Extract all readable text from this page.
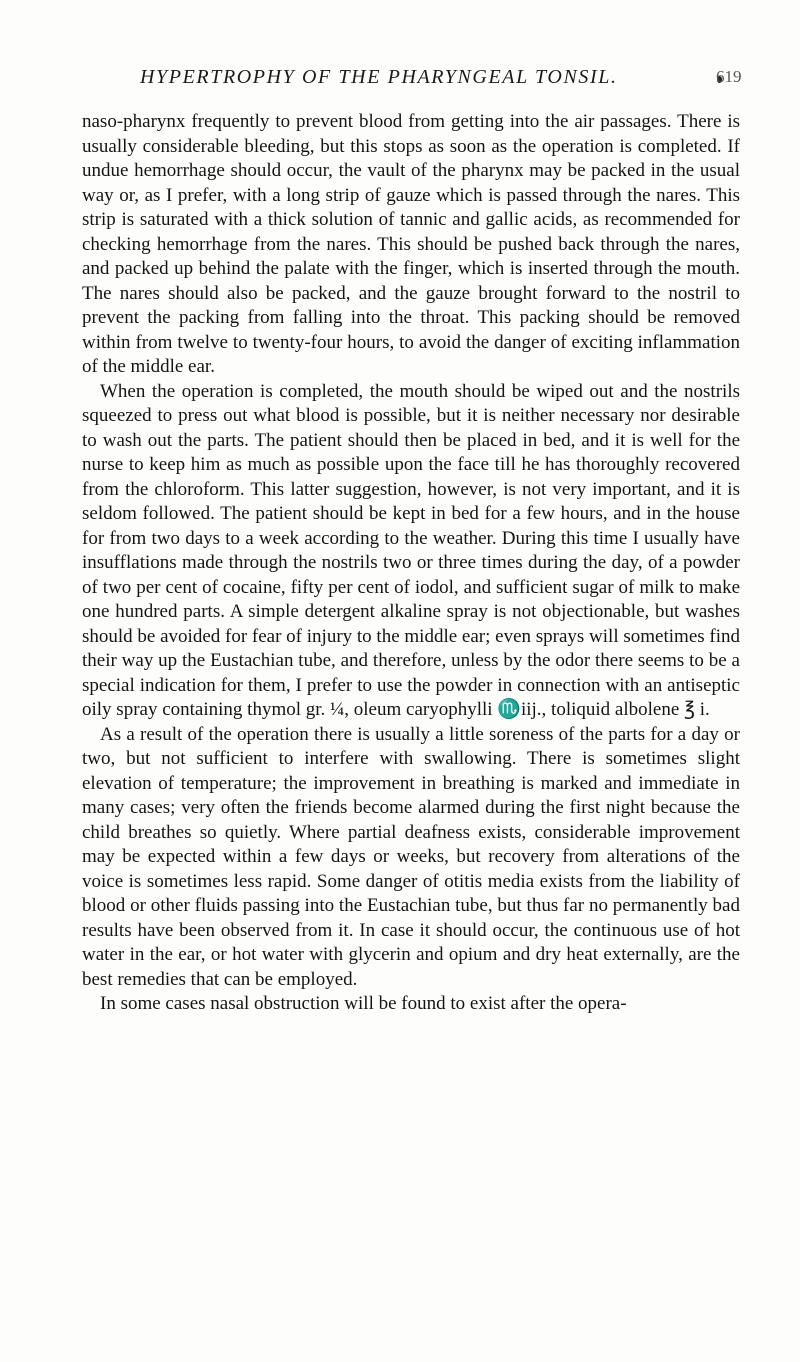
HYPERTROPHY OF THE PHARYNGEAL TONSIL.	619

naso-pharynx frequently to prevent blood from getting into the air passages. There is usually considerable bleeding, but this stops as soon as the operation is completed. If undue hemorrhage should occur, the vault of the pharynx may be packed in the usual way or, as I prefer, with a long strip of gauze which is passed through the nares. This strip is saturated with a thick solution of tannic and gallic acids, as recommended for checking hemorrhage from the nares. This should be pushed back through the nares, and packed up behind the palate with the finger, which is inserted through the mouth. The nares should also be packed, and the gauze brought forward to the nostril to prevent the packing from falling into the throat. This packing should be removed within from twelve to twenty-four hours, to avoid the danger of exciting inflammation of the middle ear.

When the operation is completed, the mouth should be wiped out and the nostrils squeezed to press out what blood is possible, but it is neither necessary nor desirable to wash out the parts. The patient should then be placed in bed, and it is well for the nurse to keep him as much as possible upon the face till he has thoroughly recovered from the chloroform. This latter suggestion, however, is not very important, and it is seldom followed. The patient should be kept in bed for a few hours, and in the house for from two days to a week according to the weather. During this time I usually have insufflations made through the nostrils two or three times during the day, of a powder of two per cent of cocaine, fifty per cent of iodol, and sufficient sugar of milk to make one hundred parts. A simple detergent alkaline spray is not objectionable, but washes should be avoided for fear of injury to the middle ear; even sprays will sometimes find their way up the Eustachian tube, and therefore, unless by the odor there seems to be a special indication for them, I prefer to use the powder in connection with an antiseptic oily spray containing thymol gr. ¼, oleum caryophylli ♏iij., toliquid albolene ℥ i.

As a result of the operation there is usually a little soreness of the parts for a day or two, but not sufficient to interfere with swallowing. There is sometimes slight elevation of temperature; the improvement in breathing is marked and immediate in many cases; very often the friends become alarmed during the first night because the child breathes so quietly. Where partial deafness exists, considerable improvement may be expected within a few days or weeks, but recovery from alterations of the voice is sometimes less rapid. Some danger of otitis media exists from the liability of blood or other fluids passing into the Eustachian tube, but thus far no permanently bad results have been observed from it. In case it should occur, the continuous use of hot water in the ear, or hot water with glycerin and opium and dry heat externally, are the best remedies that can be employed.

In some cases nasal obstruction will be found to exist after the opera-
